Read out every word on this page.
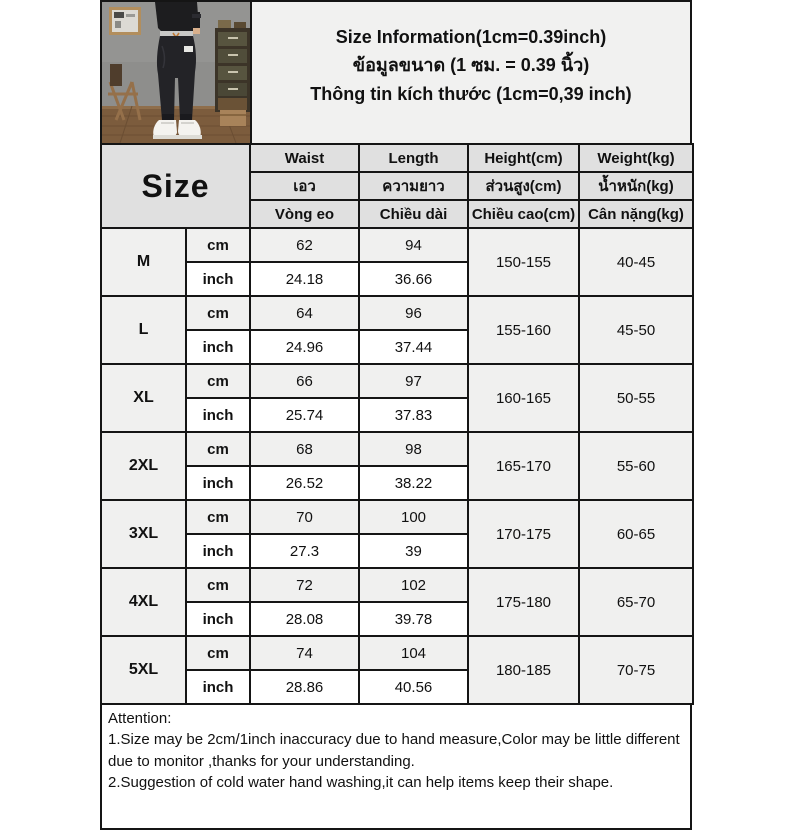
Size Information(1cm=0.39inch)
ข้อมูลขนาด (1 ซม. = 0.39 นิ้ว)
Thông tin kích thước (1cm=0,39 inch)
Size		Waist	Length	Height(cm)	Weight(kg)
		เอว	ความยาว	ส่วนสูง(cm)	น้ำหนัก(kg)
		Vòng eo	Chiều dài	Chiều cao(cm)	Cân nặng(kg)
M	cm	62	94	150-155	40-45
	inch	24.18	36.66		
L	cm	64	96	155-160	45-50
	inch	24.96	37.44		
XL	cm	66	97	160-165	50-55
	inch	25.74	37.83		
2XL	cm	68	98	165-170	55-60
	inch	26.52	38.22		
3XL	cm	70	100	170-175	60-65
	inch	27.3	39		
4XL	cm	72	102	175-180	65-70
	inch	28.08	39.78		
5XL	cm	74	104	180-185	70-75
	inch	28.86	40.56		

Attention:

1.Size may be 2cm/1inch inaccuracy due to hand measure,Color may be little different due to monitor ,thanks for your understanding.

2.Suggestion of cold water hand washing,it can help items keep their shape.
